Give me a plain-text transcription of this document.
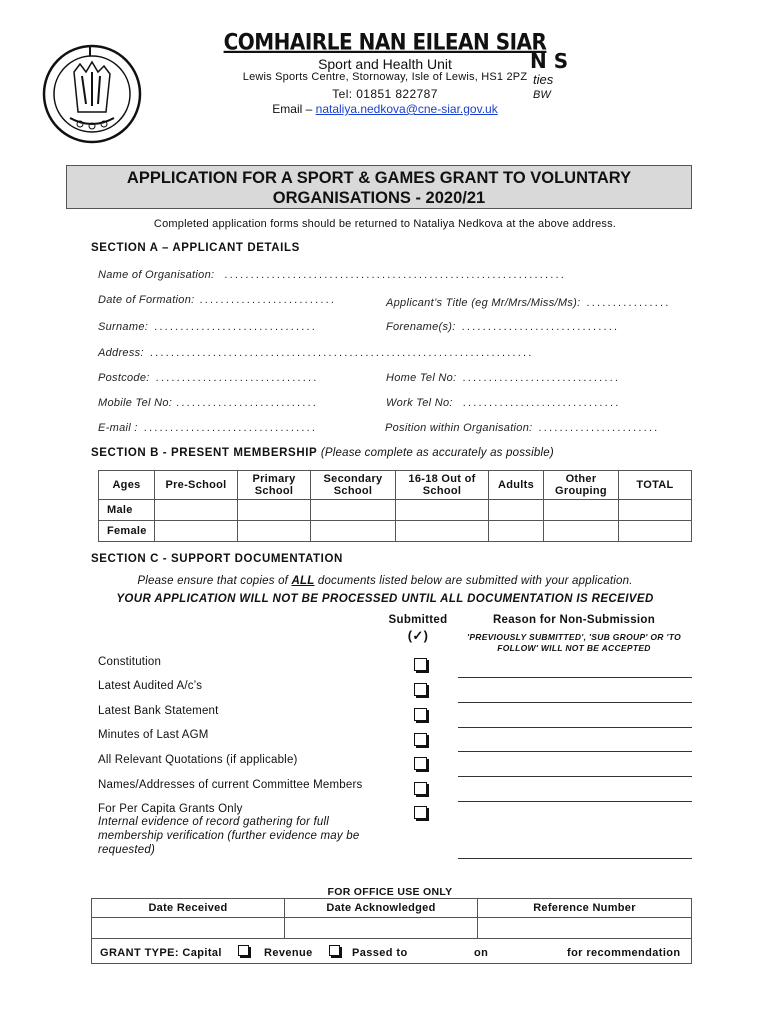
COMHAIRLE NAN EILEAN SIAR
Sport and Health Unit
Lewis Sports Centre, Stornoway, Isle of Lewis, HS1 2PZ
Tel: 01851 822787
Email – nataliya.nedkova@cne-siar.gov.uk
N S
ties
BW
APPLICATION FOR A SPORT & GAMES GRANT TO VOLUNTARY
ORGANISATIONS - 2020/21
Completed application forms should be returned to Nataliya Nedkova at the above address.
SECTION A – APPLICANT DETAILS
Name of Organisation: .................................................................
Date of Formation: ..........................	Applicant’s Title (eg Mr/Mrs/Miss/Ms): ................
Surname: ...............................	Forename(s): ..............................
Address: .........................................................................
Postcode: ...............................	Home Tel No: ..............................
Mobile Tel No: ...........................	Work Tel No: ..............................
E-mail : .................................	Position within Organisation: .......................
SECTION B - PRESENT MEMBERSHIP (Please complete as accurately as possible)
Ages	Pre-School	Primary School	Secondary School	16-18 Out of School	Adults	Other Grouping	TOTAL
Male							
Female							
SECTION C - SUPPORT DOCUMENTATION
Please ensure that copies of ALL documents listed below are submitted with your application.
YOUR APPLICATION WILL NOT BE PROCESSED UNTIL ALL DOCUMENTATION IS RECEIVED
Submitted
(✓)
Reason for Non-Submission
'PREVIOUSLY SUBMITTED', 'SUB GROUP' OR 'TO FOLLOW' WILL NOT BE ACCEPTED
Constitution
Latest Audited A/c’s
Latest Bank Statement
Minutes of Last AGM
All Relevant Quotations (if applicable)
Names/Addresses of current Committee Members
For Per Capita Grants Only
Internal evidence of record gathering for full membership verification (further evidence may be requested)
FOR OFFICE USE ONLY
Date Received	Date Acknowledged	Reference Number

GRANT TYPE: Capital	Revenue	Passed to	on	for recommendation
